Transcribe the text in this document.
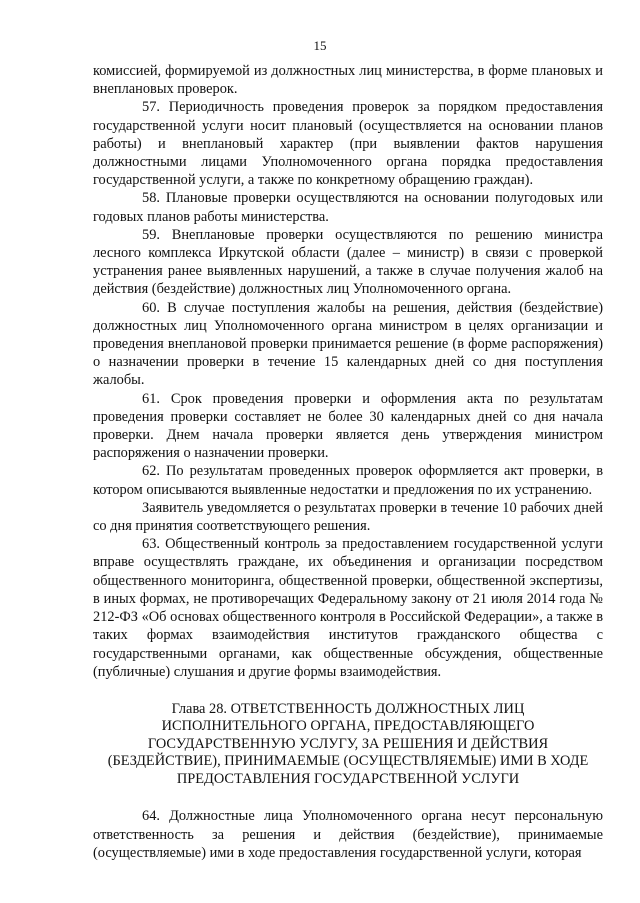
15

комиссией, формируемой из должностных лиц министерства, в форме плановых и внеплановых проверок.

57. Периодичность проведения проверок за порядком предоставления государственной услуги носит плановый (осуществляется на основании планов работы) и внеплановый характер (при выявлении фактов нарушения должностными лицами Уполномоченного органа порядка предоставления государственной услуги, а также по конкретному обращению граждан).

58. Плановые проверки осуществляются на основании полугодовых или годовых планов работы министерства.

59. Внеплановые проверки осуществляются по решению министра лесного комплекса Иркутской области (далее – министр) в связи с проверкой устранения ранее выявленных нарушений, а также в случае получения жалоб на действия (бездействие) должностных лиц Уполномоченного органа.

60. В случае поступления жалобы на решения, действия (бездействие) должностных лиц Уполномоченного органа министром в целях организации и проведения внеплановой проверки принимается решение (в форме распоряжения) о назначении проверки в течение 15 календарных дней со дня поступления жалобы.

61. Срок проведения проверки и оформления акта по результатам проведения проверки составляет не более 30 календарных дней со дня начала проверки. Днем начала проверки является день утверждения министром распоряжения о назначении проверки.

62. По результатам проведенных проверок оформляется акт проверки, в котором описываются выявленные недостатки и предложения по их устранению.

Заявитель уведомляется о результатах проверки в течение 10 рабочих дней со дня принятия соответствующего решения.

63. Общественный контроль за предоставлением государственной услуги вправе осуществлять граждане, их объединения и организации посредством общественного мониторинга, общественной проверки, общественной экспертизы, в иных формах, не противоречащих Федеральному закону от 21 июля 2014 года № 212-ФЗ «Об основах общественного контроля в Российской Федерации», а также в таких формах взаимодействия институтов гражданского общества с государственными органами, как общественные обсуждения, общественные (публичные) слушания и другие формы взаимодействия.

Глава 28. ОТВЕТСТВЕННОСТЬ ДОЛЖНОСТНЫХ ЛИЦ
ИСПОЛНИТЕЛЬНОГО ОРГАНА, ПРЕДОСТАВЛЯЮЩЕГО
ГОСУДАРСТВЕННУЮ УСЛУГУ, ЗА РЕШЕНИЯ И ДЕЙСТВИЯ
(БЕЗДЕЙСТВИЕ), ПРИНИМАЕМЫЕ (ОСУЩЕСТВЛЯЕМЫЕ) ИМИ В ХОДЕ
ПРЕДОСТАВЛЕНИЯ ГОСУДАРСТВЕННОЙ УСЛУГИ

64. Должностные лица Уполномоченного органа несут персональную ответственность за решения и действия (бездействие), принимаемые (осуществляемые) ими в ходе предоставления государственной услуги, которая
